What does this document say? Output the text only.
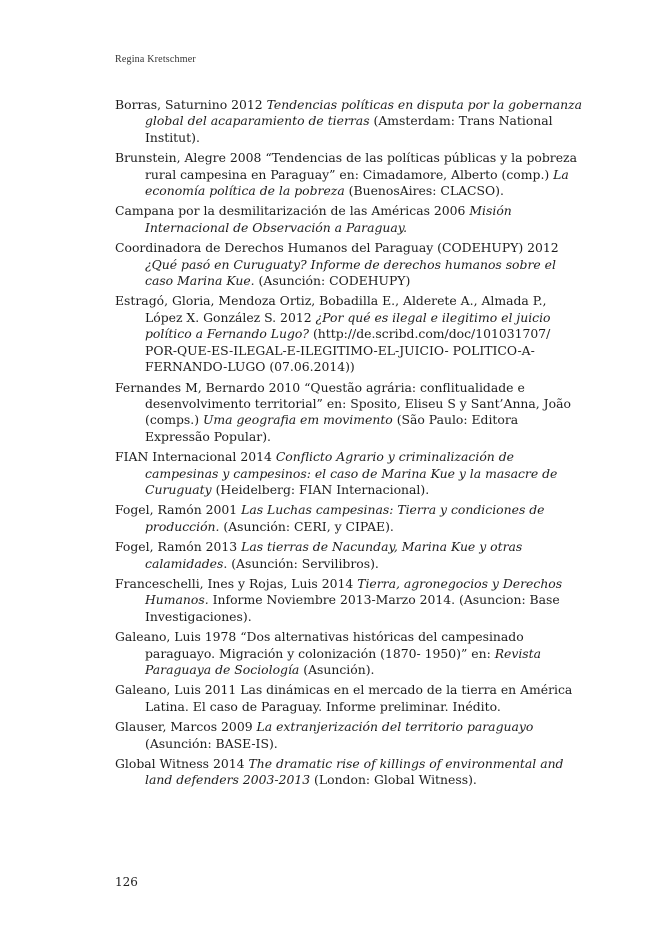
Regina Kretschmer
Borras, Saturnino 2012 Tendencias políticas en disputa por la gobernanza global del acaparamiento de tierras (Amsterdam: Trans National Institut).
Brunstein, Alegre 2008 “Tendencias de las políticas públicas y la pobreza rural campesina en Paraguay” en: Cimadamore, Alberto (comp.) La economía política de la pobreza (BuenosAires: CLACSO).
Campana por la desmilitarización de las Américas 2006 Misión Internacional de Observación a Paraguay.
Coordinadora de Derechos Humanos del Paraguay (CODEHUPY) 2012 ¿Qué pasó en Curuguaty? Informe de derechos humanos sobre el caso Marina Kue. (Asunción: CODEHUPY)
Estragó, Gloria, Mendoza Ortiz, Bobadilla E., Alderete A., Almada P., López X. González S. 2012 ¿Por qué es ilegal e ilegitimo el juicio político a Fernando Lugo? (http://de.scribd.com/doc/101031707/ POR-QUE-ES-ILEGAL-E-ILEGITIMO-EL-JUICIO- POLITICO-A-FERNANDO-LUGO (07.06.2014))
Fernandes M, Bernardo 2010 “Questão agrária: conflitualidade e desenvolvimento territorial” en: Sposito, Eliseu S y Sant’Anna, João (comps.) Uma geografia em movimento (São Paulo: Editora Expressão Popular).
FIAN Internacional 2014 Conflicto Agrario y criminalización de campesinas y campesinos: el caso de Marina Kue y la masacre de Curuguaty (Heidelberg: FIAN Internacional).
Fogel, Ramón 2001 Las Luchas campesinas: Tierra y condiciones de producción. (Asunción: CERI, y CIPAE).
Fogel, Ramón 2013 Las tierras de Nacunday, Marina Kue y otras calamidades. (Asunción: Servilibros).
Franceschelli, Ines y Rojas, Luis 2014 Tierra, agronegocios y Derechos Humanos. Informe Noviembre 2013-Marzo 2014. (Asuncion: Base Investigaciones).
Galeano, Luis 1978 “Dos alternativas históricas del campesinado paraguayo. Migración y colonización (1870- 1950)” en: Revista Paraguaya de Sociología (Asunción).
Galeano, Luis 2011 Las dinámicas en el mercado de la tierra en América Latina. El caso de Paraguay. Informe preliminar. Inédito.
Glauser, Marcos 2009 La extranjerización del territorio paraguayo (Asunción: BASE-IS).
Global Witness 2014 The dramatic rise of killings of environmental and land defenders 2003-2013 (London: Global Witness).
126
